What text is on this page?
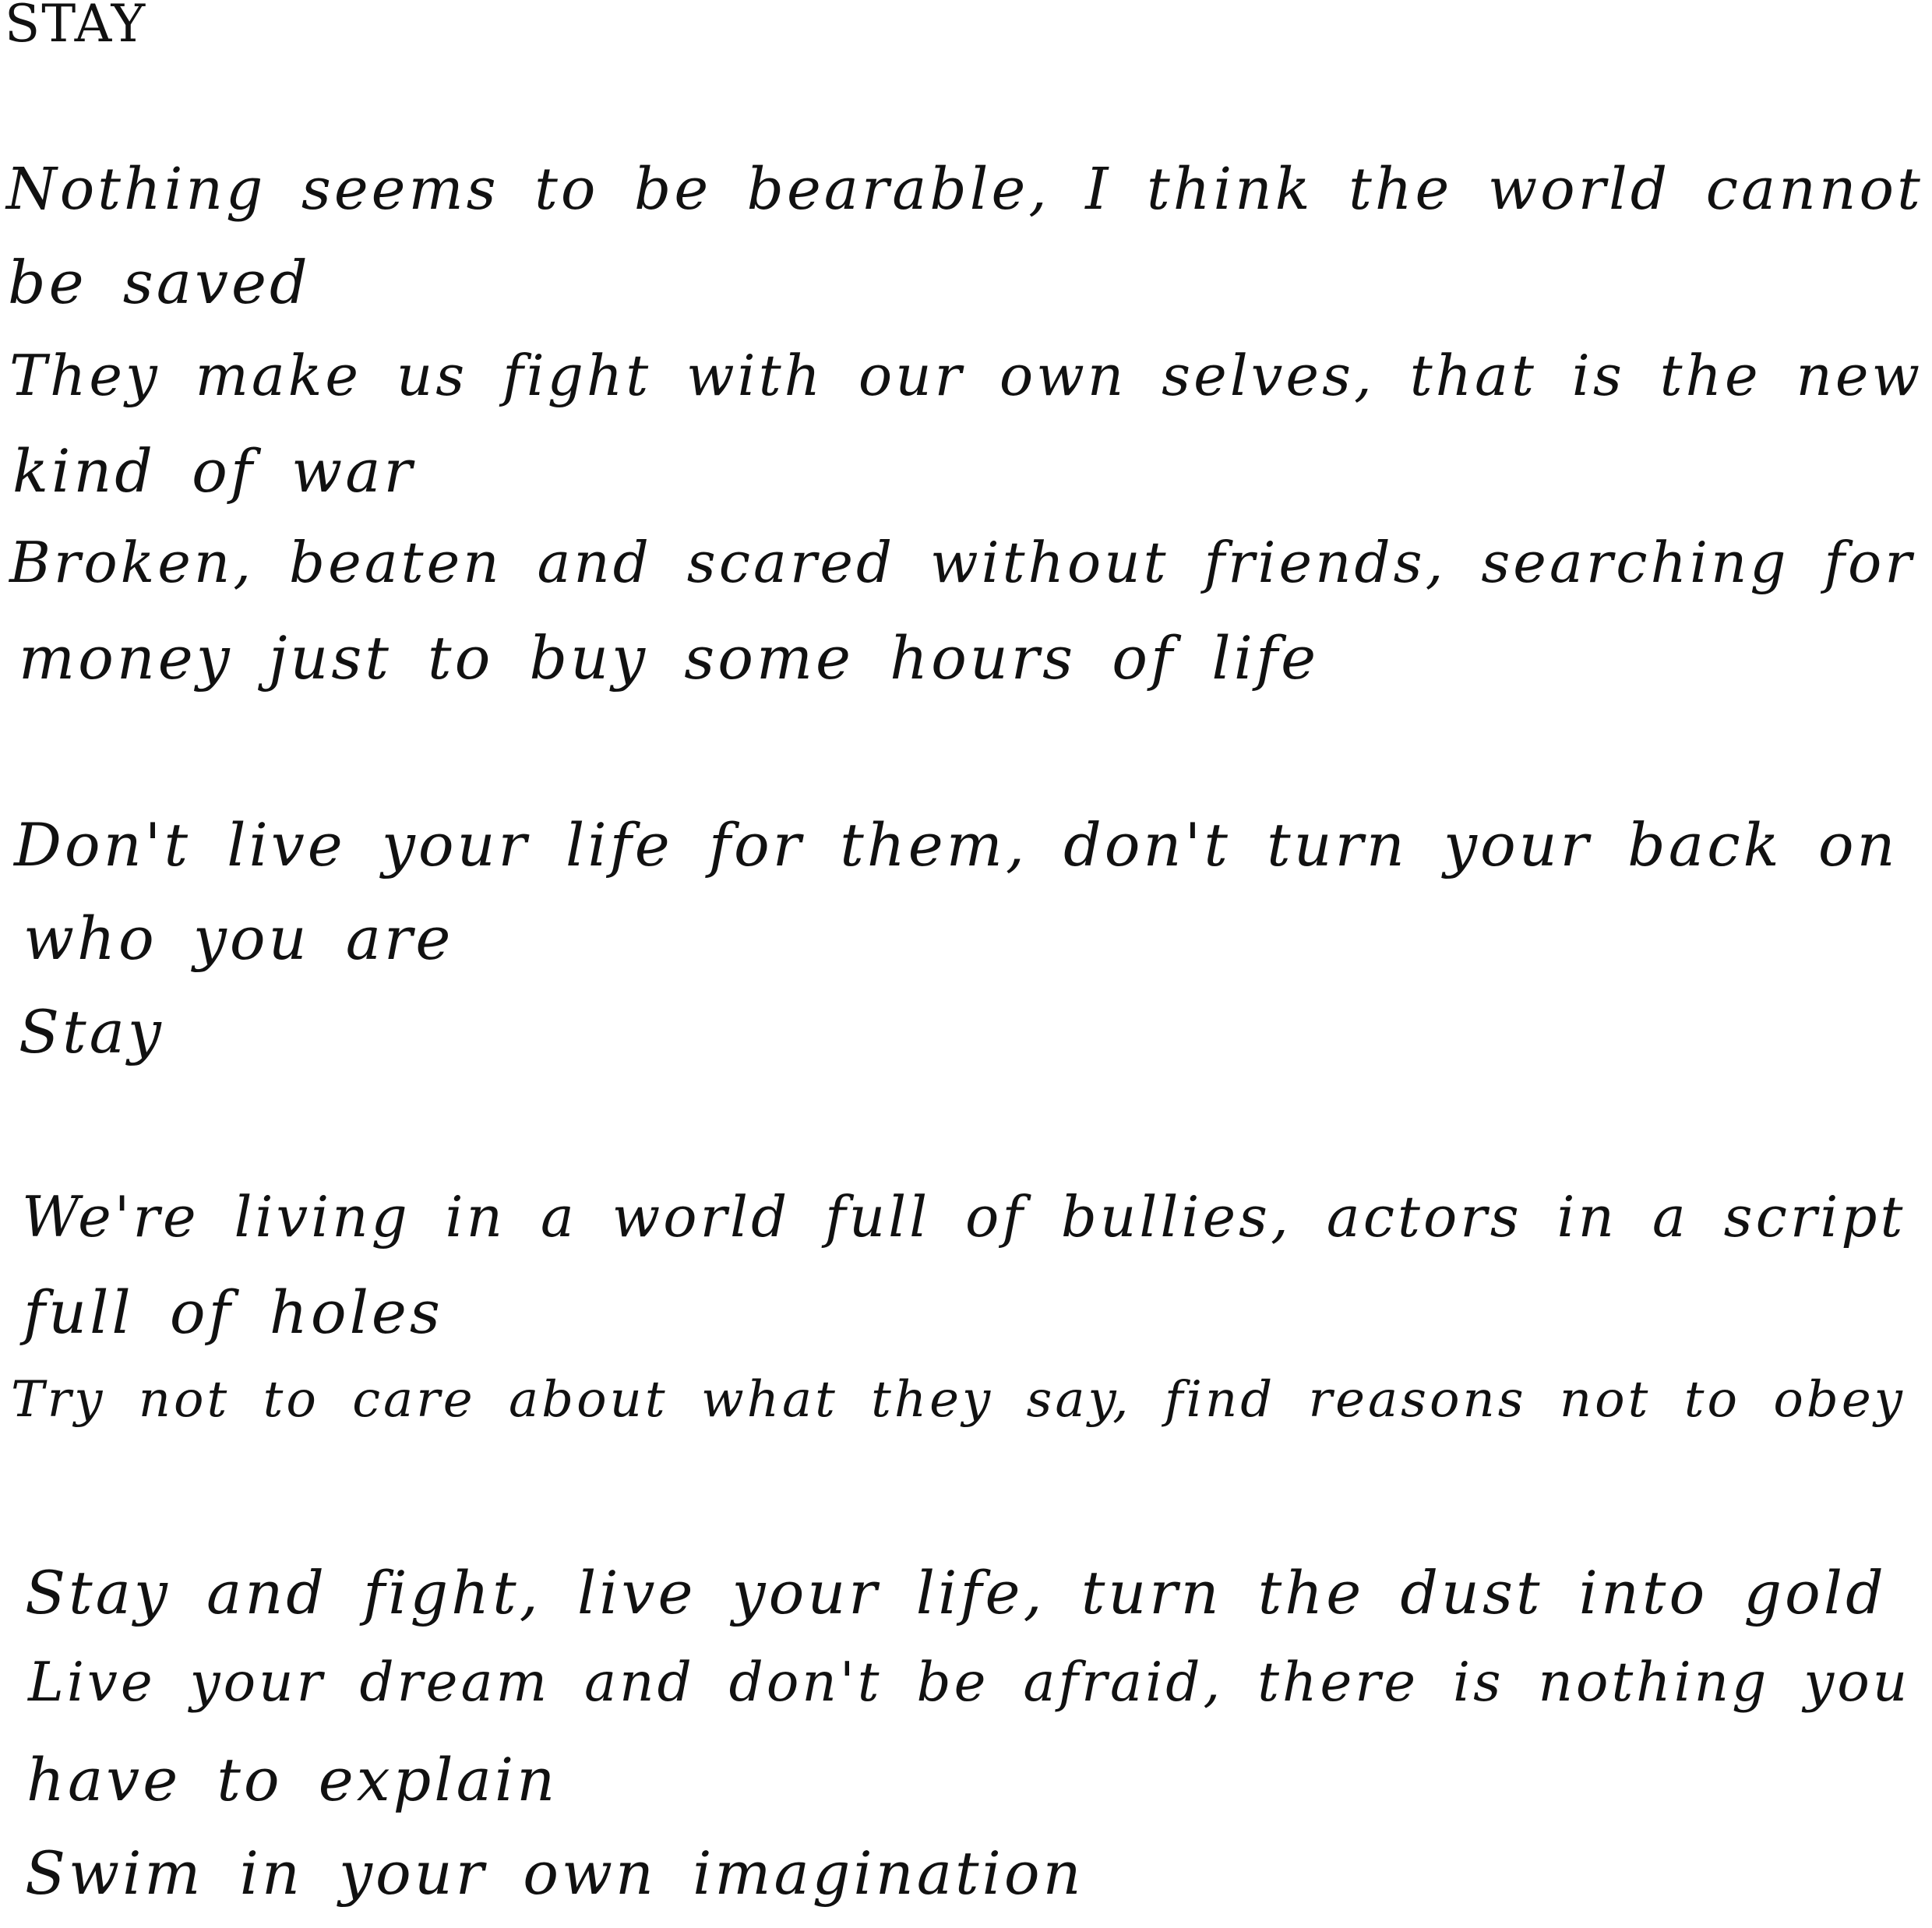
STAY
Nothing seems to be bearable, I think the world cannot
be saved
They make us fight with our own selves, that is the new
kind of war
Broken, beaten and scared without friends, searching for
money just to buy some hours of life
Don't live your life for them, don't turn your back on
who you are
Stay
We're living in a world full of bullies, actors in a script
full of holes
Try not to care about what they say, find reasons not to obey
Stay and fight, live your life, turn the dust into gold
Live your dream and don't be afraid, there is nothing you
have to explain
Swim in your own imagination
